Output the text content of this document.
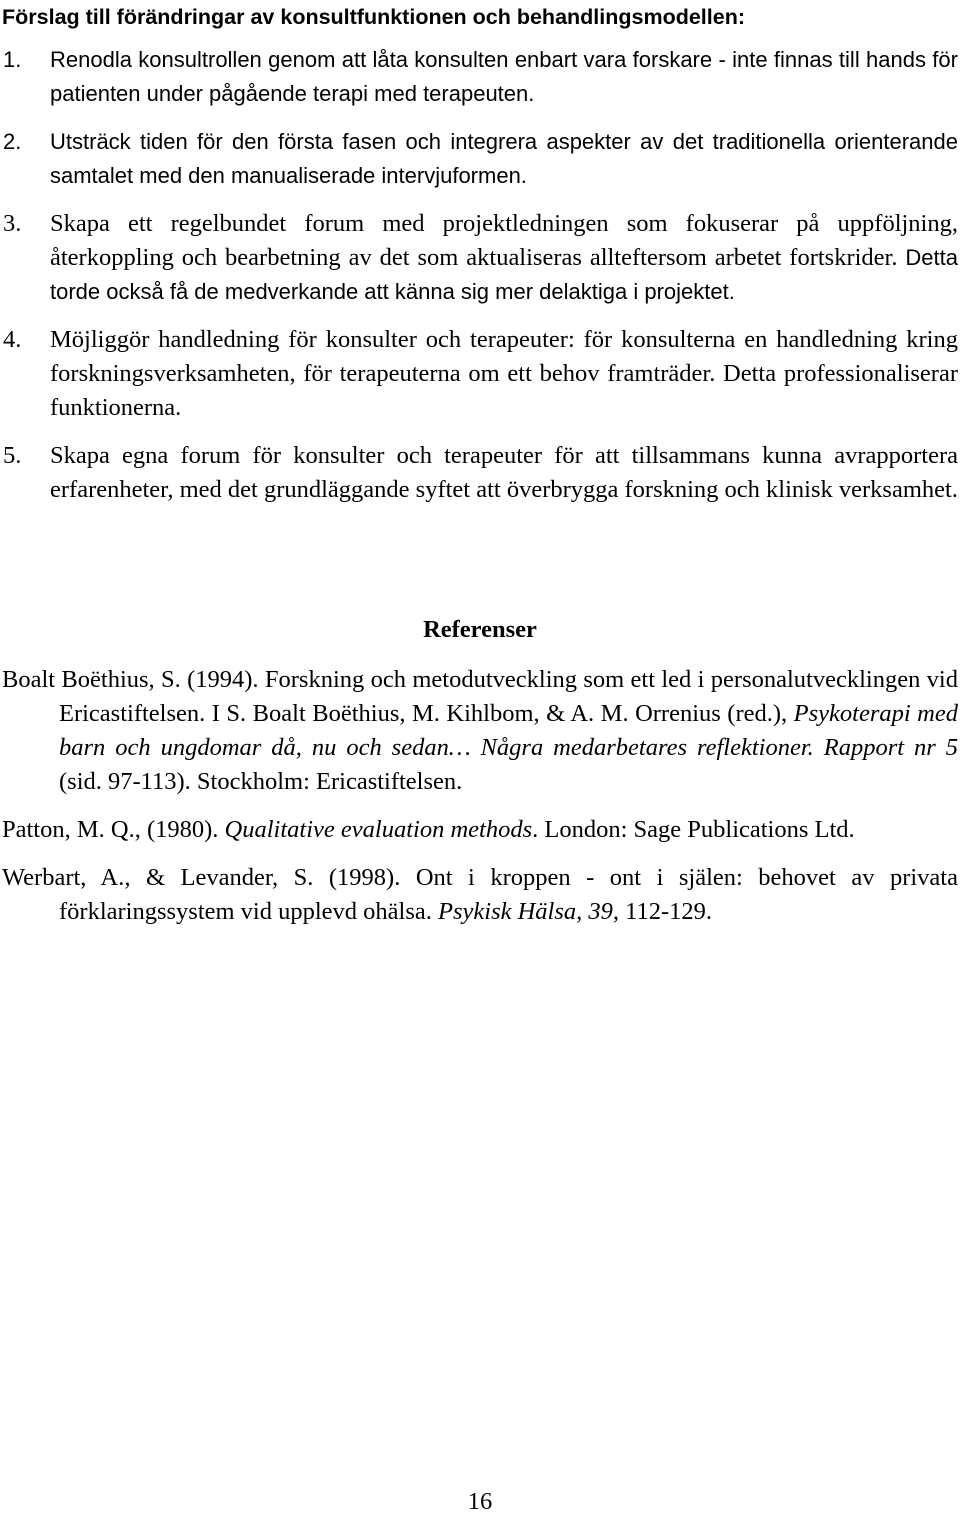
Förslag till förändringar av konsultfunktionen och behandlingsmodellen:
1. Renodla konsultrollen genom att låta konsulten enbart vara forskare - inte finnas till hands för patienten under pågående terapi med terapeuten.
2. Utsträck tiden för den första fasen och integrera aspekter av det traditionella orienterande samtalet med den manualiserade intervjuformen.
3. Skapa ett regelbundet forum med projektledningen som fokuserar på uppföljning, återkoppling och bearbetning av det som aktualiseras allteftersom arbetet fortskrider. Detta torde också få de medverkande att känna sig mer delaktiga i projektet.
4. Möjliggör handledning för konsulter och terapeuter: för konsulterna en handledning kring forskningsverksamheten, för terapeuterna om ett behov framträder. Detta professionaliserar funktionerna.
5. Skapa egna forum för konsulter och terapeuter för att tillsammans kunna avrapportera erfarenheter, med det grundläggande syftet att överbrygga forskning och klinisk verksamhet.
Referenser
Boalt Boëthius, S. (1994). Forskning och metodutveckling som ett led i personalutvecklingen vid Ericastiftelsen. I S. Boalt Boëthius, M. Kihlbom, & A. M. Orrenius (red.), Psykoterapi med barn och ungdomar då, nu och sedan… Några medarbetares reflektioner. Rapport nr 5 (sid. 97-113). Stockholm: Ericastiftelsen.
Patton, M. Q., (1980). Qualitative evaluation methods. London: Sage Publications Ltd.
Werbart, A., & Levander, S. (1998). Ont i kroppen - ont i själen: behovet av privata förklaringssystem vid upplevd ohälsa. Psykisk Hälsa, 39, 112-129.
16
